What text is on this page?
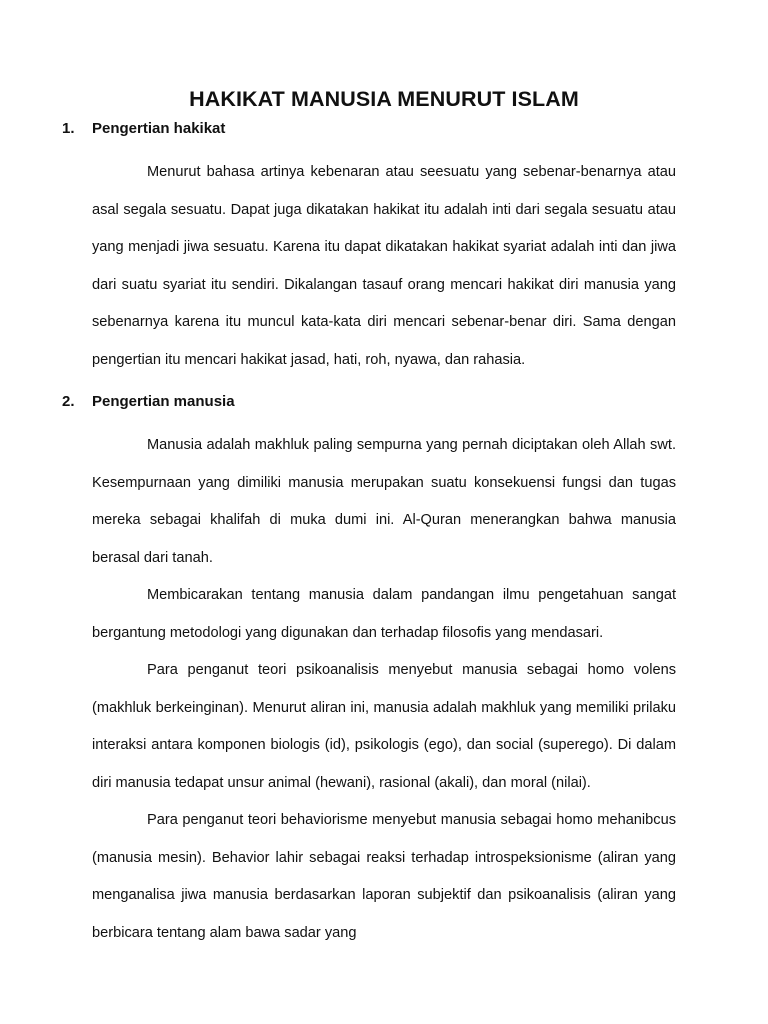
HAKIKAT MANUSIA MENURUT ISLAM
1.	Pengertian hakikat

Menurut bahasa artinya kebenaran atau seesuatu yang sebenar-benarnya atau asal segala sesuatu. Dapat juga dikatakan hakikat itu adalah inti dari segala sesuatu atau yang menjadi jiwa sesuatu. Karena itu dapat dikatakan hakikat syariat adalah inti dan jiwa dari suatu syariat itu sendiri. Dikalangan tasauf orang mencari hakikat diri manusia yang sebenarnya karena itu muncul kata-kata diri mencari sebenar-benar diri. Sama dengan pengertian itu mencari hakikat jasad, hati, roh, nyawa, dan rahasia.

2.	Pengertian manusia

Manusia adalah makhluk paling sempurna yang pernah diciptakan oleh Allah swt. Kesempurnaan yang dimiliki manusia merupakan suatu konsekuensi fungsi dan tugas mereka sebagai khalifah di muka dumi ini. Al-Quran menerangkan bahwa manusia berasal dari tanah.

Membicarakan tentang manusia dalam pandangan ilmu pengetahuan sangat bergantung metodologi yang digunakan dan terhadap filosofis yang mendasari.

Para penganut teori psikoanalisis menyebut manusia sebagai homo volens (makhluk berkeinginan). Menurut aliran ini, manusia adalah makhluk yang memiliki prilaku interaksi antara komponen biologis (id), psikologis (ego), dan social (superego). Di dalam diri manusia tedapat unsur animal (hewani), rasional (akali), dan moral (nilai).

Para penganut teori behaviorisme menyebut manusia sebagai homo mehanibcus (manusia mesin). Behavior lahir sebagai reaksi terhadap introspeksionisme (aliran yang menganalisa jiwa manusia berdasarkan laporan subjektif dan psikoanalisis (aliran yang berbicara tentang alam bawa sadar yang
